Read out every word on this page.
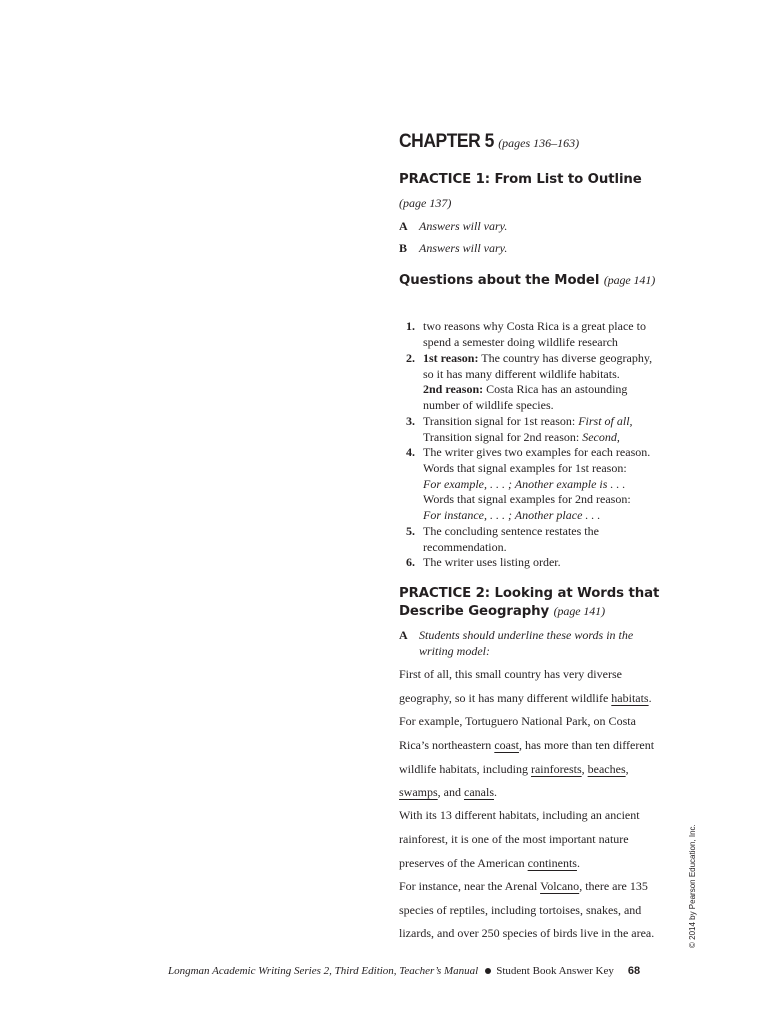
CHAPTER 5 (pages 136–163)
PRACTICE 1: From List to Outline
(page 137)
A Answers will vary.
B Answers will vary.
Questions about the Model (page 141)
1. two reasons why Costa Rica is a great place to
spend a semester doing wildlife research
2. 1st reason: The country has diverse geography,
so it has many different wildlife habitats.
2nd reason: Costa Rica has an astounding
number of wildlife species.
3. Transition signal for 1st reason: First of all,
Transition signal for 2nd reason: Second,
4. The writer gives two examples for each reason.
Words that signal examples for 1st reason:
For example, . . . ; Another example is . . .
Words that signal examples for 2nd reason:
For instance, . . . ; Another place . . .
5. The concluding sentence restates the
recommendation.
6. The writer uses listing order.
PRACTICE 2: Looking at Words that
Describe Geography (page 141)
A Students should underline these words in the
writing model:
First of all, this small country has very diverse
geography, so it has many different wildlife habitats.
For example, Tortuguero National Park, on Costa
Rica’s northeastern coast, has more than ten different
wildlife habitats, including rainforests, beaches,
swamps, and canals.
With its 13 different habitats, including an ancient
rainforest, it is one of the most important nature
preserves of the American continents.
For instance, near the Arenal Volcano, there are 135
species of reptiles, including tortoises, snakes, and
lizards, and over 250 species of birds live in the area.	© 2014 by Pearson Education, Inc.
Longman Academic Writing Series 2, Third Edition, Teacher’s Manual Student Book Answer Key 68
